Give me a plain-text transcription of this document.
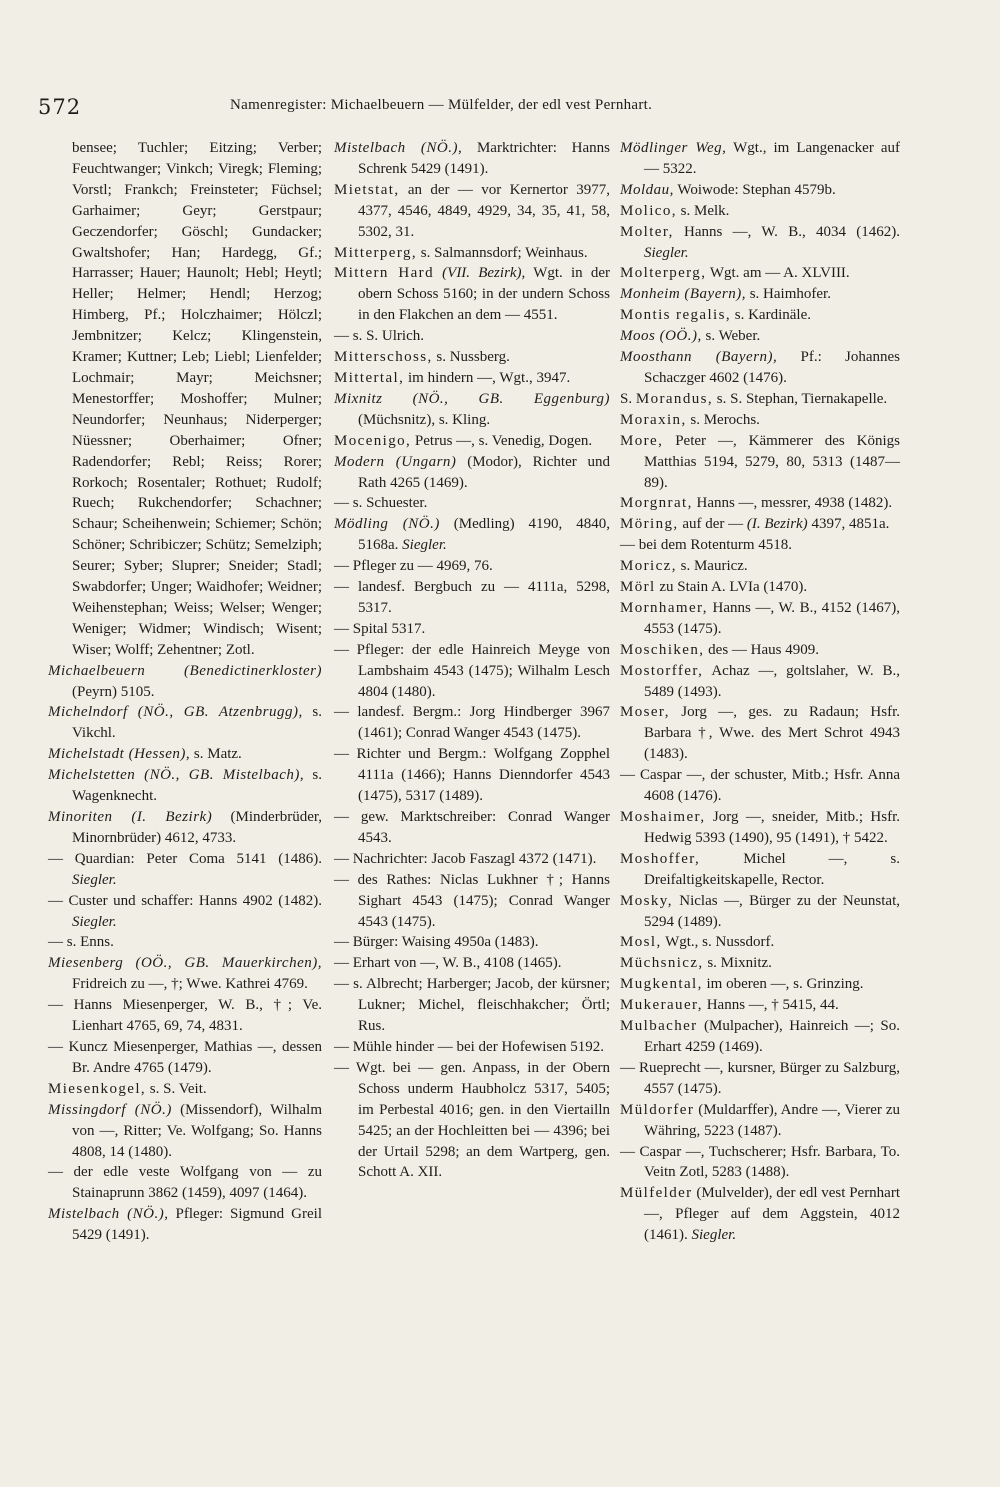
572	Namenregister: Michaelbeuern — Mülfelder, der edl vest Pernhart.

bensee; Tuchler; Eitzing; Verber; Feuchtwanger; Vinkch; Viregk; Fleming; Vorstl; Frankch; Freinsteter; Füchsel; Garhaimer; Geyr; Gerstpaur; Geczendorfer; Göschl; Gundacker; Gwaltshofer; Han; Hardegg, Gf.; Harrasser; Hauer; Haunolt; Hebl; Heytl; Heller; Helmer; Hendl; Herzog; Himberg, Pf.; Holczhaimer; Hölczl; Jembnitzer; Kelcz; Klingenstein, Kramer; Kuttner; Leb; Liebl; Lienfelder; Lochmair; Mayr; Meichsner; Menestorffer; Moshoffer; Mulner; Neundorfer; Neunhaus; Niderperger; Nüessner; Oberhaimer; Ofner; Radendorfer; Rebl; Reiss; Rorer; Rorkoch; Rosentaler; Rothuet; Rudolf; Ruech; Rukchendorfer; Schachner; Schaur; Scheihenwein; Schiemer; Schön; Schöner; Schribiczer; Schütz; Semelziph; Seurer; Syber; Sluprer; Sneider; Stadl; Swabdorfer; Unger; Waidhofer; Weidner; Weihenstephan; Weiss; Welser; Wenger; Weniger; Widmer; Windisch; Wisent; Wiser; Wolff; Zehentner; Zotl.

Michaelbeuern (Benedictinerkloster) (Peyrn) 5105.

Michelndorf (NÖ., GB. Atzenbrugg), s. Vikchl.

Michelstadt (Hessen), s. Matz.

Michelstetten (NÖ., GB. Mistelbach), s. Wagenknecht.

Minoriten (I. Bezirk) (Minderbrüder, Minornbrüder) 4612, 4733.

— Quardian: Peter Coma 5141 (1486). Siegler.

— Custer und schaffer: Hanns 4902 (1482). Siegler.

— s. Enns.

Miesenberg (OÖ., GB. Mauerkirchen), Fridreich zu —, †; Wwe. Kathrei 4769.

— Hanns Miesenperger, W. B., †; Ve. Lienhart 4765, 69, 74, 4831.

— Kuncz Miesenperger, Mathias —, dessen Br. Andre 4765 (1479).

Miesenkogel, s. S. Veit.

Missingdorf (NÖ.) (Missendorf), Wilhalm von —, Ritter; Ve. Wolfgang; So. Hanns 4808, 14 (1480).

— der edle veste Wolfgang von — zu Stainaprunn 3862 (1459), 4097 (1464).

Mistelbach (NÖ.), Pfleger: Sigmund Greil 5429 (1491).

Mistelbach (NÖ.), Marktrichter: Hanns Schrenk 5429 (1491).

Mietstat, an der — vor Kernertor 3977, 4377, 4546, 4849, 4929, 34, 35, 41, 58, 5302, 31.

Mitterperg, s. Salmannsdorf; Weinhaus.

Mittern Hard (VII. Bezirk), Wgt. in der obern Schoss 5160; in der undern Schoss in den Flakchen an dem — 4551.

— s. S. Ulrich.

Mitterschoss, s. Nussberg.

Mittertal, im hindern —, Wgt., 3947.

Mixnitz (NÖ., GB. Eggenburg) (Müchsnitz), s. Kling.

Mocenigo, Petrus —, s. Venedig, Dogen.

Modern (Ungarn) (Modor), Richter und Rath 4265 (1469).

— s. Schuester.

Mödling (NÖ.) (Medling) 4190, 4840, 5168a. Siegler.

— Pfleger zu — 4969, 76.

— landesf. Bergbuch zu — 4111a, 5298, 5317.

— Spital 5317.

— Pfleger: der edle Hainreich Meyge von Lambshaim 4543 (1475); Wilhalm Lesch 4804 (1480).

— landesf. Bergm.: Jorg Hindberger 3967 (1461); Conrad Wanger 4543 (1475).

— Richter und Bergm.: Wolfgang Zopphel 4111a (1466); Hanns Dienndorfer 4543 (1475), 5317 (1489).

— gew. Marktschreiber: Conrad Wanger 4543.

— Nachrichter: Jacob Faszagl 4372 (1471).

— des Rathes: Niclas Lukhner †; Hanns Sighart 4543 (1475); Conrad Wanger 4543 (1475).

— Bürger: Waising 4950a (1483).

— Erhart von —, W. B., 4108 (1465).

— s. Albrecht; Harberger; Jacob, der kürsner; Lukner; Michel, fleischhakcher; Örtl; Rus.

— Mühle hinder — bei der Hofewisen 5192.

— Wgt. bei — gen. Anpass, in der Obern Schoss underm Haubholcz 5317, 5405; im Perbestal 4016; gen. in den Viertailln 5425; an der Hochleitten bei — 4396; bei der Urtail 5298; an dem Wartperg, gen. Schott A. XII.

Mödlinger Weg, Wgt., im Langenacker auf — 5322.

Moldau, Woiwode: Stephan 4579b.

Molico, s. Melk.

Molter, Hanns —, W. B., 4034 (1462). Siegler.

Molterperg, Wgt. am — A. XLVIII.

Monheim (Bayern), s. Haimhofer.

Montis regalis, s. Kardinäle.

Moos (OÖ.), s. Weber.

Moosthann (Bayern), Pf.: Johannes Schaczger 4602 (1476).

S. Morandus, s. S. Stephan, Tiernakapelle.

Moraxin, s. Merochs.

More, Peter —, Kämmerer des Königs Matthias 5194, 5279, 80, 5313 (1487—89).

Morgnrat, Hanns —, messrer, 4938 (1482).

Möring, auf der — (I. Bezirk) 4397, 4851a.

— bei dem Rotenturm 4518.

Moricz, s. Mauricz.

Mörl zu Stain A. LVIa (1470).

Mornhamer, Hanns —, W. B., 4152 (1467), 4553 (1475).

Moschiken, des — Haus 4909.

Mostorffer, Achaz —, goltslaher, W. B., 5489 (1493).

Moser, Jorg —, ges. zu Radaun; Hsfr. Barbara †, Wwe. des Mert Schrot 4943 (1483).

— Caspar —, der schuster, Mitb.; Hsfr. Anna 4608 (1476).

Moshaimer, Jorg —, sneider, Mitb.; Hsfr. Hedwig 5393 (1490), 95 (1491), † 5422.

Moshoffer, Michel —, s. Dreifaltigkeitskapelle, Rector.

Mosky, Niclas —, Bürger zu der Neunstat, 5294 (1489).

Mosl, Wgt., s. Nussdorf.

Müchsnicz, s. Mixnitz.

Mugkental, im oberen —, s. Grinzing.

Mukerauer, Hanns —, † 5415, 44.

Mulbacher (Mulpacher), Hainreich —; So. Erhart 4259 (1469).

— Rueprecht —, kursner, Bürger zu Salzburg, 4557 (1475).

Müldorfer (Muldarffer), Andre —, Vierer zu Währing, 5223 (1487).

— Caspar —, Tuchscherer; Hsfr. Barbara, To. Veitn Zotl, 5283 (1488).

Mülfelder (Mulvelder), der edl vest Pernhart —, Pfleger auf dem Aggstein, 4012 (1461). Siegler.
